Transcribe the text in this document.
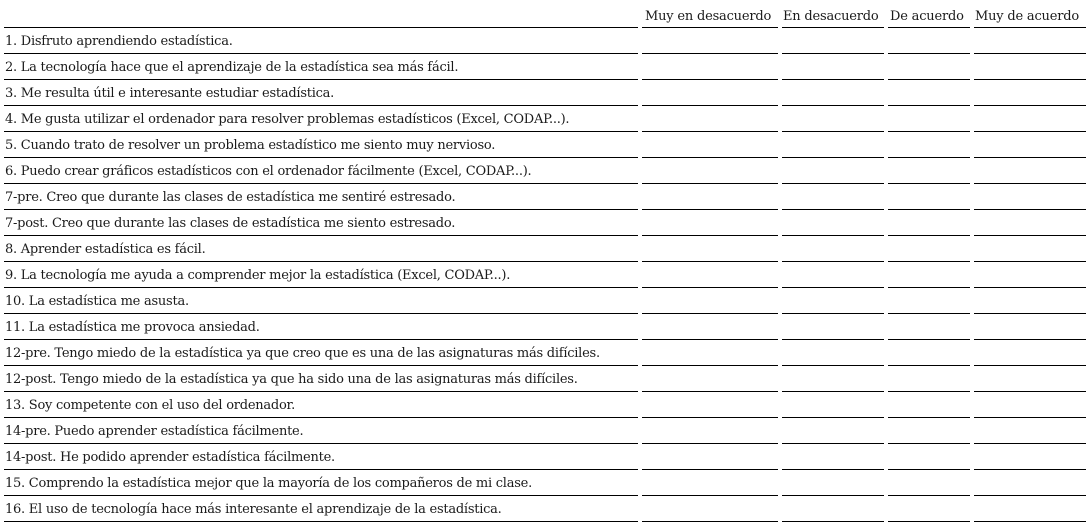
		Muy en desacuerdo		En desacuerdo		De acuerdo		Muy de acuerdo
1. Disfruto aprendiendo estadística.								
2. La tecnología hace que el aprendizaje de la estadística sea más fácil.								
3. Me resulta útil e interesante estudiar estadística.								
4. Me gusta utilizar el ordenador para resolver problemas estadísticos (Excel, CODAP...).								
5. Cuando trato de resolver un problema estadístico me siento muy nervioso.								
6. Puedo crear gráficos estadísticos con el ordenador fácilmente (Excel, CODAP...).								
7-pre. Creo que durante las clases de estadística me sentiré estresado.								
7-post. Creo que durante las clases de estadística me siento estresado.								
8. Aprender estadística es fácil.								
9. La tecnología me ayuda a comprender mejor la estadística (Excel, CODAP...).								
10. La estadística me asusta.								
11. La estadística me provoca ansiedad.								
12-pre. Tengo miedo de la estadística ya que creo que es una de las asignaturas más difíciles.								
12-post. Tengo miedo de la estadística ya que ha sido una de las asignaturas más difíciles.								
13. Soy competente con el uso del ordenador.								
14-pre. Puedo aprender estadística fácilmente.								
14-post. He podido aprender estadística fácilmente.								
15. Comprendo la estadística mejor que la mayoría de los compañeros de mi clase.								
16. El uso de tecnología hace más interesante el aprendizaje de la estadística.								
